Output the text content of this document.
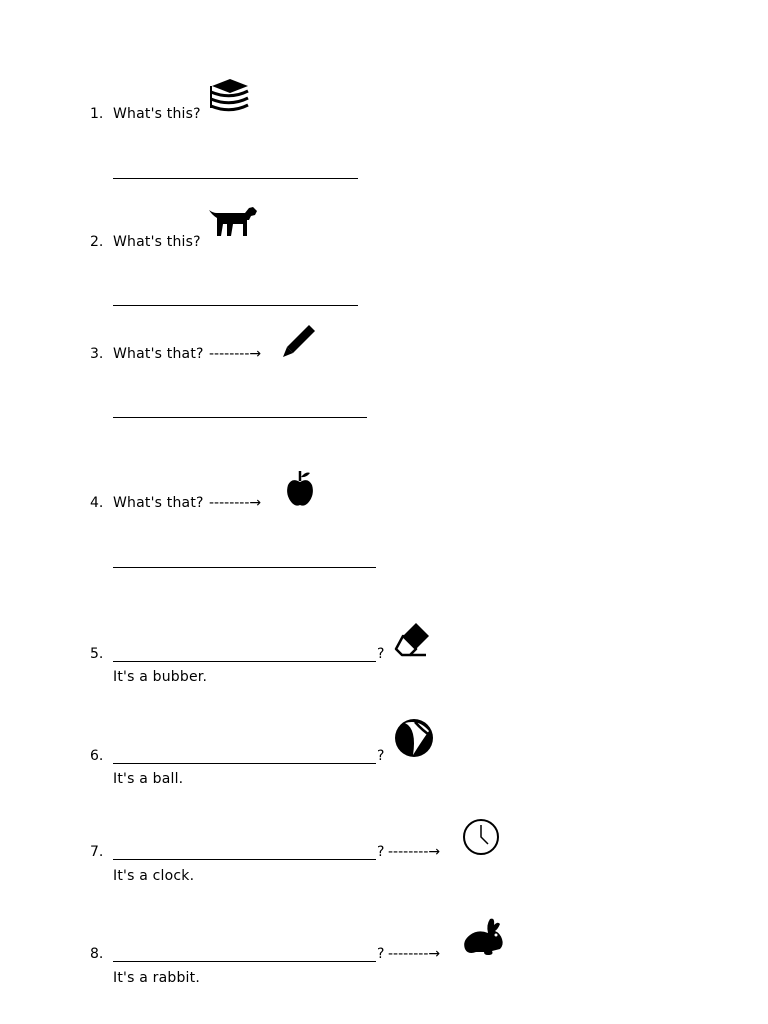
1. What's this?
2. What's this?
3. What's that? --------→
4. What's that? --------→
5.	?
It's a bubber.
6.	?
It's a ball.
7.	? --------→
It's a clock.
8.	? --------→
It's a rabbit.
